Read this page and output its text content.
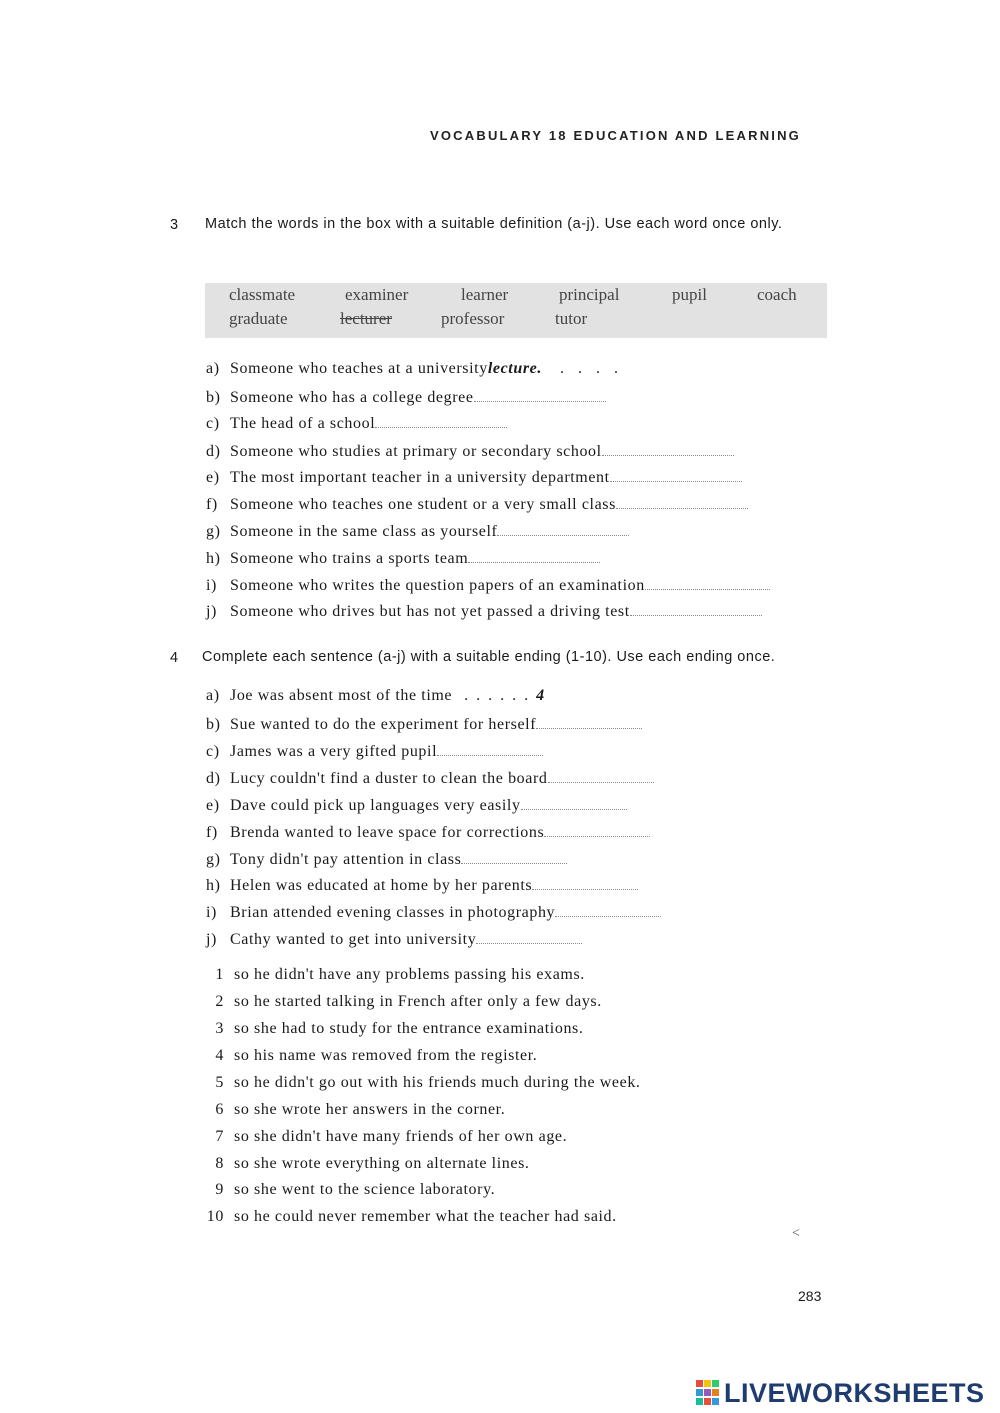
VOCABULARY 18 EDUCATION AND LEARNING
3 Match the words in the box with a suitable definition (a-j). Use each word once only.
classmate	examiner	learner	principal	pupil	coach
graduate	lecturer	professor	tutor
a) Someone who teaches at a universitylecture. ....
b) Someone who has a college degree
c) The head of a school
d) Someone who studies at primary or secondary school
e) The most important teacher in a university department
f) Someone who teaches one student or a very small class
g) Someone in the same class as yourself
h) Someone who trains a sports team
i) Someone who writes the question papers of an examination
j) Someone who drives but has not yet passed a driving test
4 Complete each sentence (a-j) with a suitable ending (1-10). Use each ending once.
a) Joe was absent most of the time ......4
b) Sue wanted to do the experiment for herself
c) James was a very gifted pupil
d) Lucy couldn't find a duster to clean the board
e) Dave could pick up languages very easily
f) Brenda wanted to leave space for corrections
g) Tony didn't pay attention in class
h) Helen was educated at home by her parents
i) Brian attended evening classes in photography
j) Cathy wanted to get into university
1 so he didn't have any problems passing his exams.
2 so he started talking in French after only a few days.
3 so she had to study for the entrance examinations.
4 so his name was removed from the register.
5 so he didn't go out with his friends much during the week.
6 so she wrote her answers in the corner.
7 so she didn't have many friends of her own age.
8 so she wrote everything on alternate lines.
9 so she went to the science laboratory.
10 so he could never remember what the teacher had said.
<
283
LIVEWORKSHEETS
